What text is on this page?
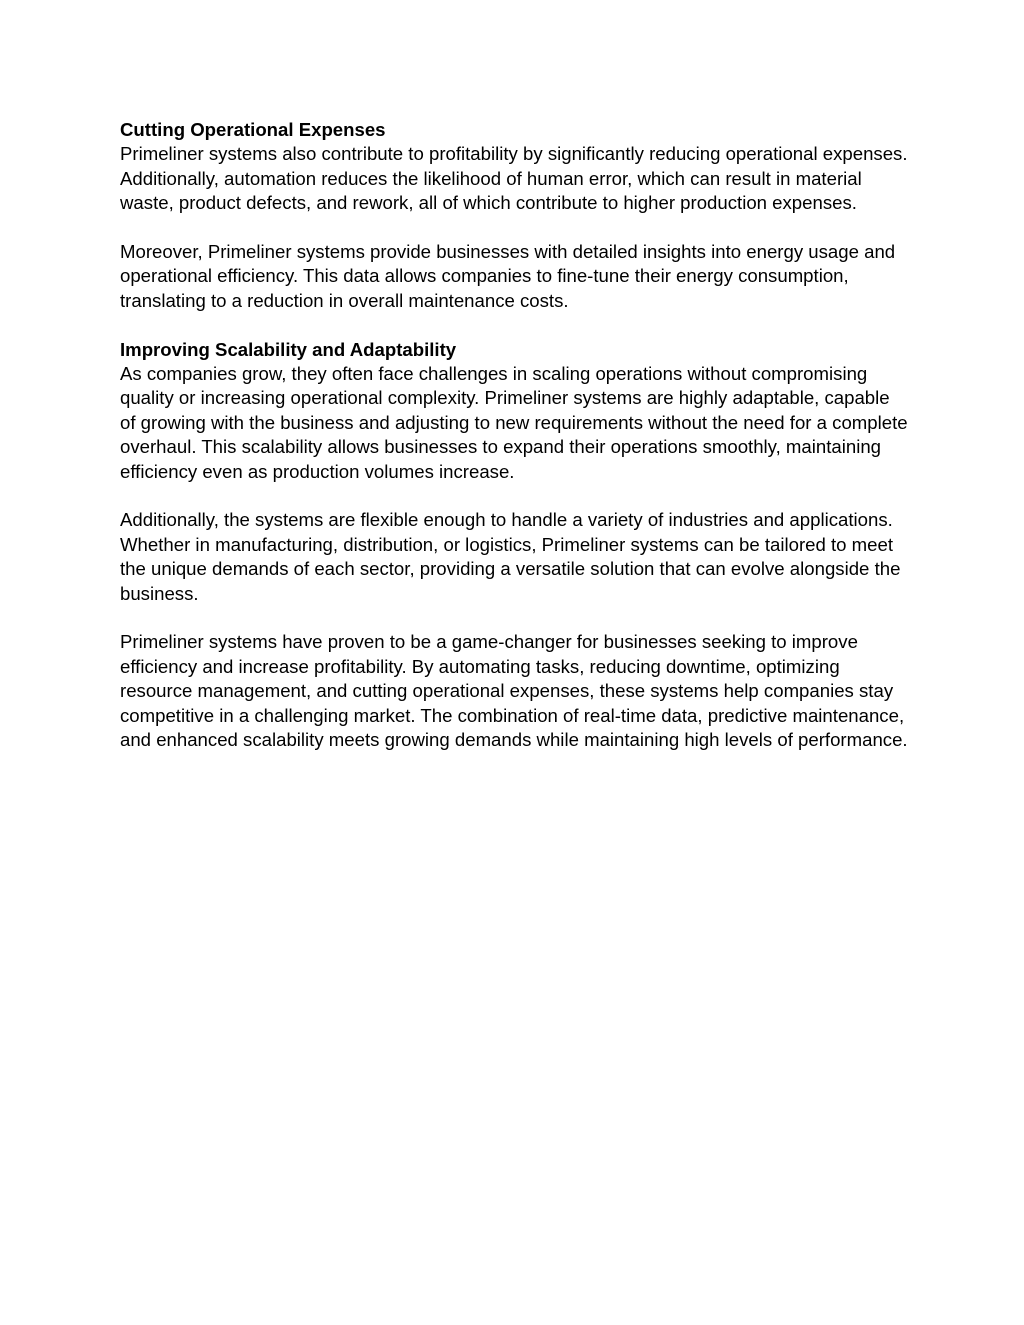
Cutting Operational Expenses

Primeliner systems also contribute to profitability by significantly reducing operational expenses. Additionally, automation reduces the likelihood of human error, which can result in material waste, product defects, and rework, all of which contribute to higher production expenses.

Moreover, Primeliner systems provide businesses with detailed insights into energy usage and operational efficiency. This data allows companies to fine-tune their energy consumption, translating to a reduction in overall maintenance costs.

Improving Scalability and Adaptability

As companies grow, they often face challenges in scaling operations without compromising quality or increasing operational complexity. Primeliner systems are highly adaptable, capable of growing with the business and adjusting to new requirements without the need for a complete overhaul. This scalability allows businesses to expand their operations smoothly, maintaining efficiency even as production volumes increase.

Additionally, the systems are flexible enough to handle a variety of industries and applications. Whether in manufacturing, distribution, or logistics, Primeliner systems can be tailored to meet the unique demands of each sector, providing a versatile solution that can evolve alongside the business.

Primeliner systems have proven to be a game-changer for businesses seeking to improve efficiency and increase profitability. By automating tasks, reducing downtime, optimizing resource management, and cutting operational expenses, these systems help companies stay competitive in a challenging market. The combination of real-time data, predictive maintenance, and enhanced scalability meets growing demands while maintaining high levels of performance.
